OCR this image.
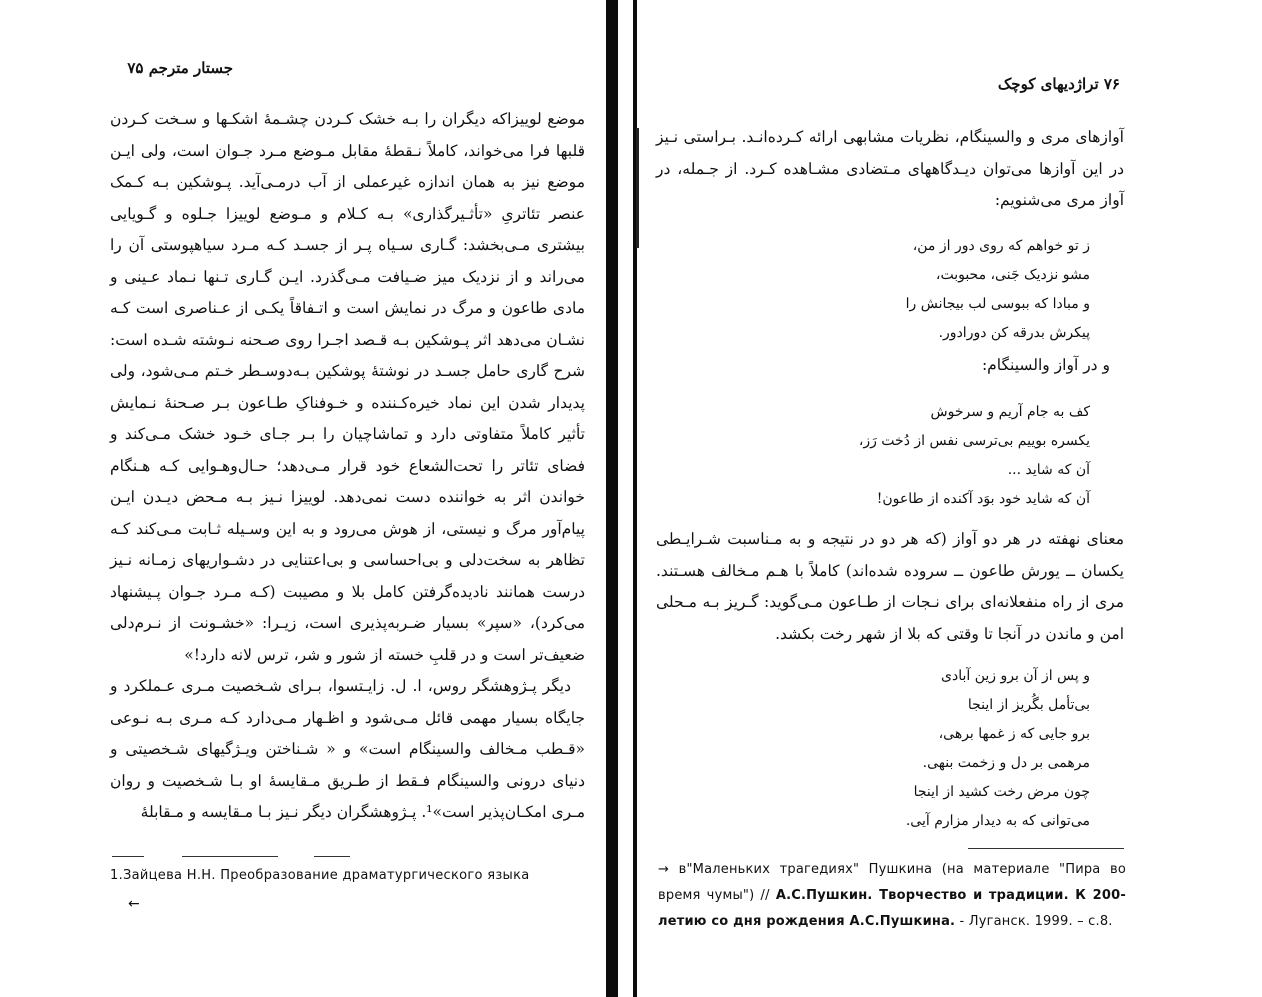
جستار مترجم ۷۵

موضع لوییزاکه دیگران را بـه خشک کـردن چشـمهٔ اشکـها و سـخت کـردن قلبها فرا می‌خواند، کاملاً نـقطهٔ مقابل مـوضع مـرد جـوان است، ولی ایـن موضع نیز به همان اندازه غیرعملی از آب درمـی‌آید. پـوشکین بـه کـمک عنصر تئاتریِ «تأثـیرگذاری» بـه کـلام و مـوضع لوییزا جـلوه و گـویایی بیشتری مـی‌بخشد: گـاری سـیاه پـر از جسـد کـه مـرد سیاهپوستی آن را می‌راند و از نزدیک میز ضـیافت مـی‌گذرد. ایـن گـاری تـنها نـماد عـینی و مادی طاعون و مرگ در نمایش است و اتـفاقاً یکـی از عـناصری است کـه نشـان می‌دهد اثر پـوشکین بـه قـصد اجـرا روی صـحنه نـوشته شـده است: شرح گاری حامل جسـد در نوشتهٔ پوشکین بـه‌دوسـطر خـتم مـی‌شود، ولی پدیدار شدن این نماد خیره‌کـننده و خـوفناکِ طـاعون بـر صـحنهٔ نـمایش تأثیر کاملاً متفاوتی دارد و تماشاچیان را بـر جـای خـود خشک مـی‌کند و فضای تئاتر را تحت‌الشعاع خود قرار مـی‌دهد؛ حـال‌وهـوایی کـه هـنگام خواندن اثر به خواننده دست نمی‌دهد. لوییزا نـیز بـه مـحض دیـدن ایـن پیام‌آور مرگ و نیستی، از هوش می‌رود و به این وسـیله ثـابت مـی‌کند کـه تظاهر به سخت‌دلی و بی‌احساسی و بی‌اعتنایی در دشـواریهای زمـانه نـیز درست همانند نادیده‌گرفتن کامل بلا و مصیبت (کـه مـرد جـوان پـیشنهاد می‌کرد)، «سپر» بسیار ضـربه‌پذیری است، زیـرا: «خشـونت از نـرم‌دلی ضعیف‌تر است و در قلبِ خسته از شور و شر، ترس لانه دارد!»

دیگر پـژوهشگر روس، ا. ل. زایـتسوا، بـرای شـخصیت مـری عـملکرد و جایگاه بسیار مهمی قائل مـی‌شود و اظـهار مـی‌دارد کـه مـری بـه نـوعی «قـطب مـخالف والسینگام است» و « شـناختن ویـژگیهای شـخصیتی و دنیای درونی والسینگام فـقط از طـریق مـقایسهٔ او بـا شـخصیت و روان مـری امکـان‌پذیر است»¹. پـژوهشگران دیگر نـیز بـا مـقایسه و مـقابلهٔ

1.Зайцева Н.Н. Преобразование драматургического языка
←
۷۶ تراژدیهای کوچک
آوازهای مری و والسینگام، نظریات مشابهی ارائه کـرده‌انـد. بـراستی نـیز در این آوازها می‌توان دیـدگاههای مـتضادی مشـاهده کـرد. از جـمله، در آواز مری می‌شنویم:
ز تو خواهم که روی دور از من،
مشو نزدیک جَنی، محبوبت،
و مبادا که ببوسی لب بیجانش را
پیکرش بدرقه کن دورادور.
و در آواز والسینگام:
کف به جام آریم و سرخوش
یکسره بوییم بی‌ترسی نفس از دُخت رَز،
آن که شاید ...
آن که شاید خود بوَد آکنده از طاعون!
معنای نهفته در هر دو آواز (که هر دو در نتیجه و به مـناسبت شـرایـطی یکسان ــ یورش طاعون ــ سروده شده‌اند) کاملاً با هـم مـخالف هسـتند. مری از راه منفعلانه‌ای برای نـجات از طـاعون مـی‌گوید: گـریز بـه مـحلی امن و ماندن در آنجا تا وقتی که بلا از شهر رخت بکشد.
و پس از آن برو زین آبادی
بی‌تأمل بگُریز از اینجا
برو جایی که ز غمها برهی،
مرهمی بر دل و زخمت بنهی.
چون مرض رخت کشید از اینجا
می‌توانی که به دیدار مزارم آیی.
→ в"Маленьких трагедиях" Пушкина (на материале "Пира во время чумы") // А.С.Пушкин. Творчество и традиции. К 200-летию со дня рождения А.С.Пушкина. - Луганск. 1999. – с.8.
